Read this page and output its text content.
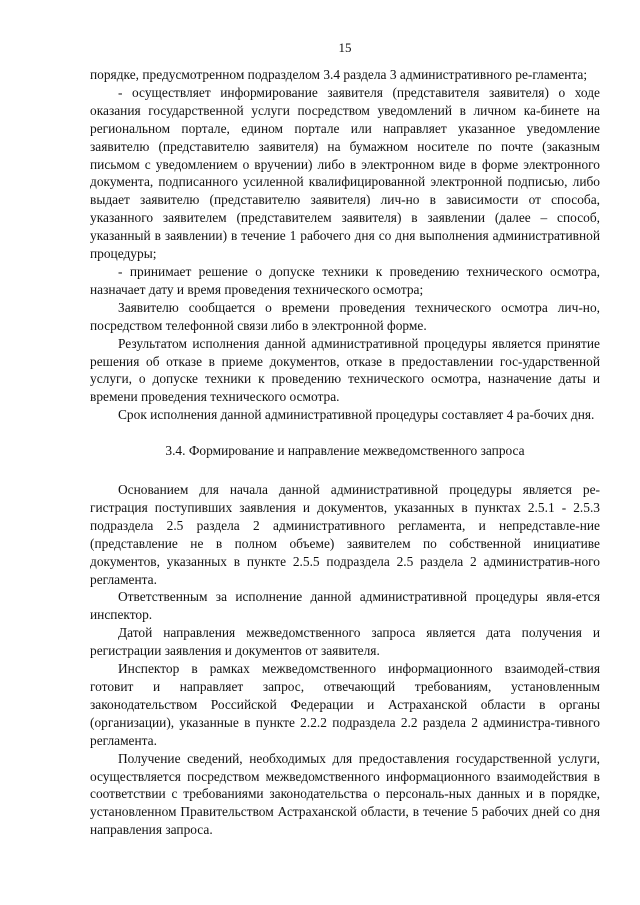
15

порядке, предусмотренном подразделом 3.4 раздела 3 административного ре-гламента;

- осуществляет информирование заявителя (представителя заявителя) о ходе оказания государственной услуги посредством уведомлений в личном ка-бинете на региональном портале, едином портале или направляет указанное уведомление заявителю (представителю заявителя) на бумажном носителе по почте (заказным письмом с уведомлением о вручении) либо в электронном виде в форме электронного документа, подписанного усиленной квалифицированной электронной подписью, либо выдает заявителю (представителю заявителя) лич-но в зависимости от способа, указанного заявителем (представителем заявителя) в заявлении (далее – способ, указанный в заявлении) в течение 1 рабочего дня со дня выполнения административной процедуры;

- принимает решение о допуске техники к проведению технического осмотра, назначает дату и время проведения технического осмотра;

Заявителю сообщается о времени проведения технического осмотра лич-но, посредством телефонной связи либо в электронной форме.

Результатом исполнения данной административной процедуры является принятие решения об отказе в приеме документов, отказе в предоставлении гос-ударственной услуги, о допуске техники к проведению технического осмотра, назначение даты и времени проведения технического осмотра.

Срок исполнения данной административной процедуры составляет 4 ра-бочих дня.

3.4. Формирование и направление межведомственного запроса

Основанием для начала данной административной процедуры является ре-гистрация поступивших заявления и документов, указанных в пунктах 2.5.1 - 2.5.3 подраздела 2.5 раздела 2 административного регламента, и непредставле-ние (представление не в полном объеме) заявителем по собственной инициативе документов, указанных в пункте 2.5.5 подраздела 2.5 раздела 2 административ-ного регламента.

Ответственным за исполнение данной административной процедуры явля-ется инспектор.

Датой направления межведомственного запроса является дата получения и регистрации заявления и документов от заявителя.

Инспектор в рамках межведомственного информационного взаимодей-ствия готовит и направляет запрос, отвечающий требованиям, установленным законодательством Российской Федерации и Астраханской области в органы (организации), указанные в пункте 2.2.2 подраздела 2.2 раздела 2 администра-тивного регламента.

Получение сведений, необходимых для предоставления государственной услуги, осуществляется посредством межведомственного информационного взаимодействия в соответствии с требованиями законодательства о персональ-ных данных и в порядке, установленном Правительством Астраханской области, в течение 5 рабочих дней со дня направления запроса.
